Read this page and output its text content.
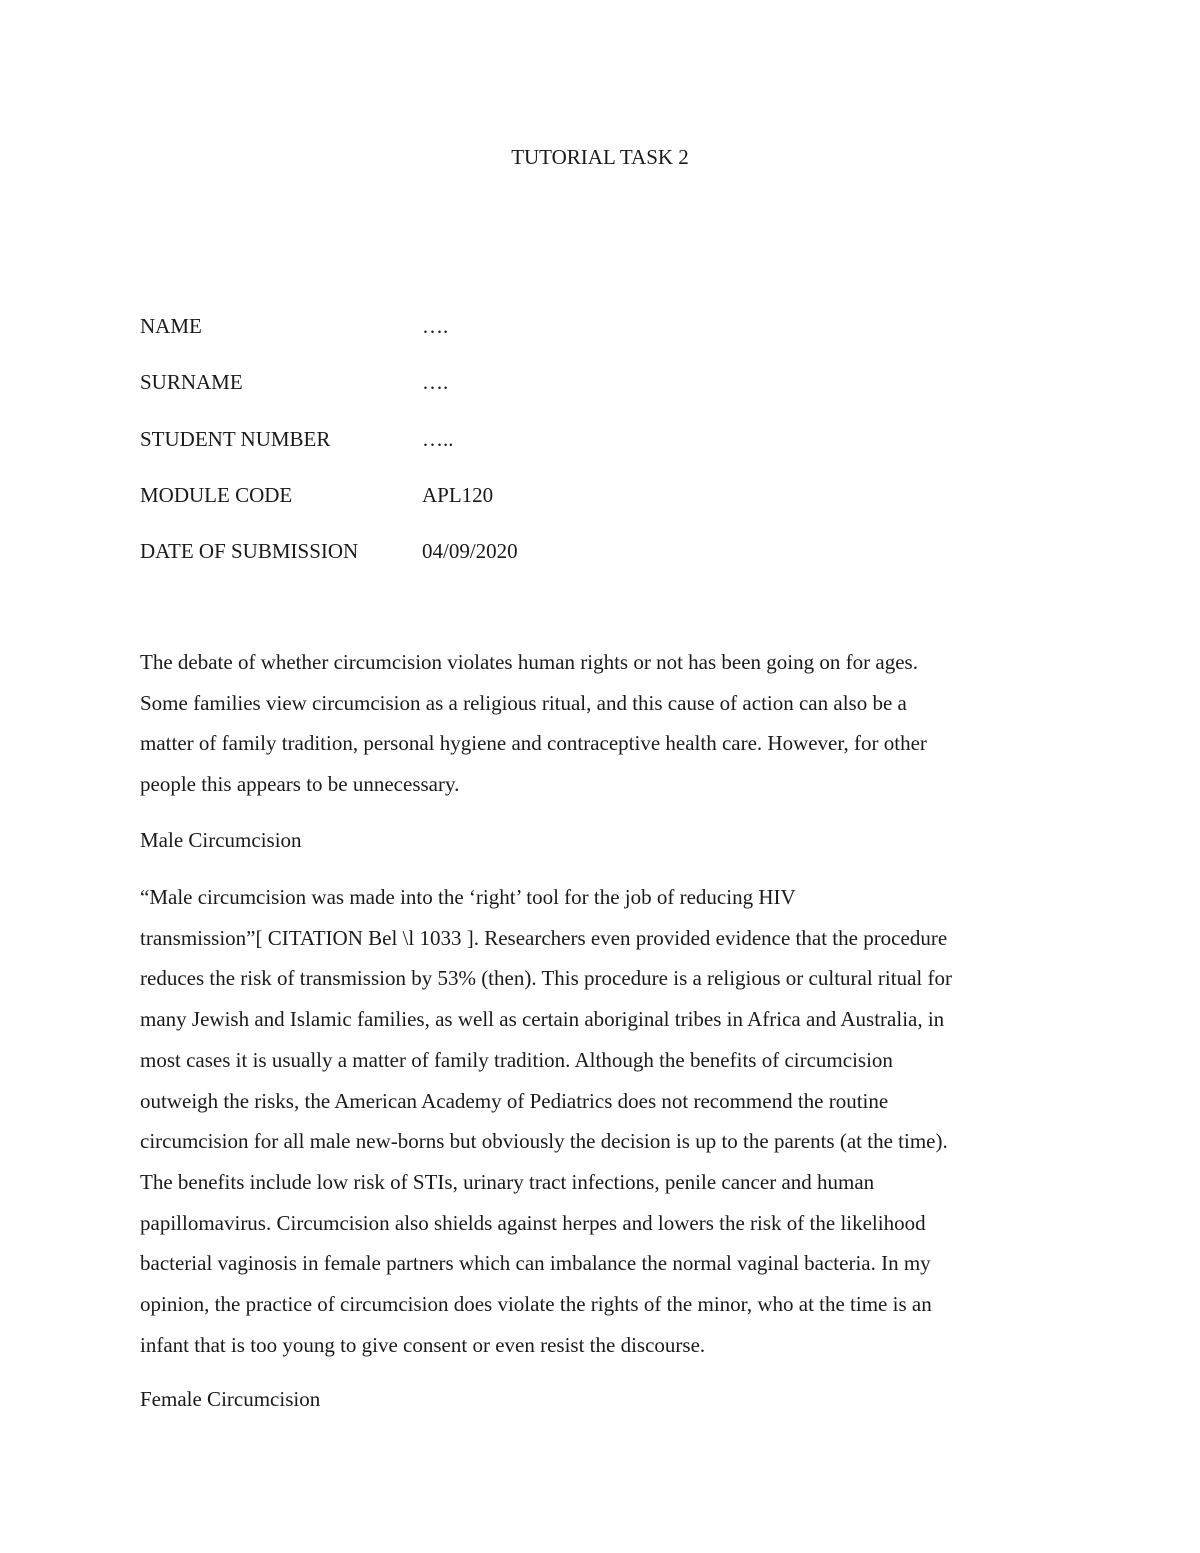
TUTORIAL TASK 2
NAME	….
SURNAME	….
STUDENT NUMBER	…..
MODULE CODE	APL120
DATE OF SUBMISSION	04/09/2020

The debate of whether circumcision violates human rights or not has been going on for ages.
Some families view circumcision as a religious ritual, and this cause of action can also be a
matter of family tradition, personal hygiene and contraceptive health care. However, for other
people this appears to be unnecessary.

Male Circumcision

“Male circumcision was made into the ‘right’ tool for the job of reducing HIV
transmission”[ CITATION Bel \l 1033 ]. Researchers even provided evidence that the procedure
reduces the risk of transmission by 53% (then). This procedure is a religious or cultural ritual for
many Jewish and Islamic families, as well as certain aboriginal tribes in Africa and Australia, in
most cases it is usually a matter of family tradition. Although the benefits of circumcision
outweigh the risks, the American Academy of Pediatrics does not recommend the routine
circumcision for all male new-borns but obviously the decision is up to the parents (at the time).
The benefits include low risk of STIs, urinary tract infections, penile cancer and human
papillomavirus. Circumcision also shields against herpes and lowers the risk of the likelihood
bacterial vaginosis in female partners which can imbalance the normal vaginal bacteria. In my
opinion, the practice of circumcision does violate the rights of the minor, who at the time is an
infant that is too young to give consent or even resist the discourse.

Female Circumcision
